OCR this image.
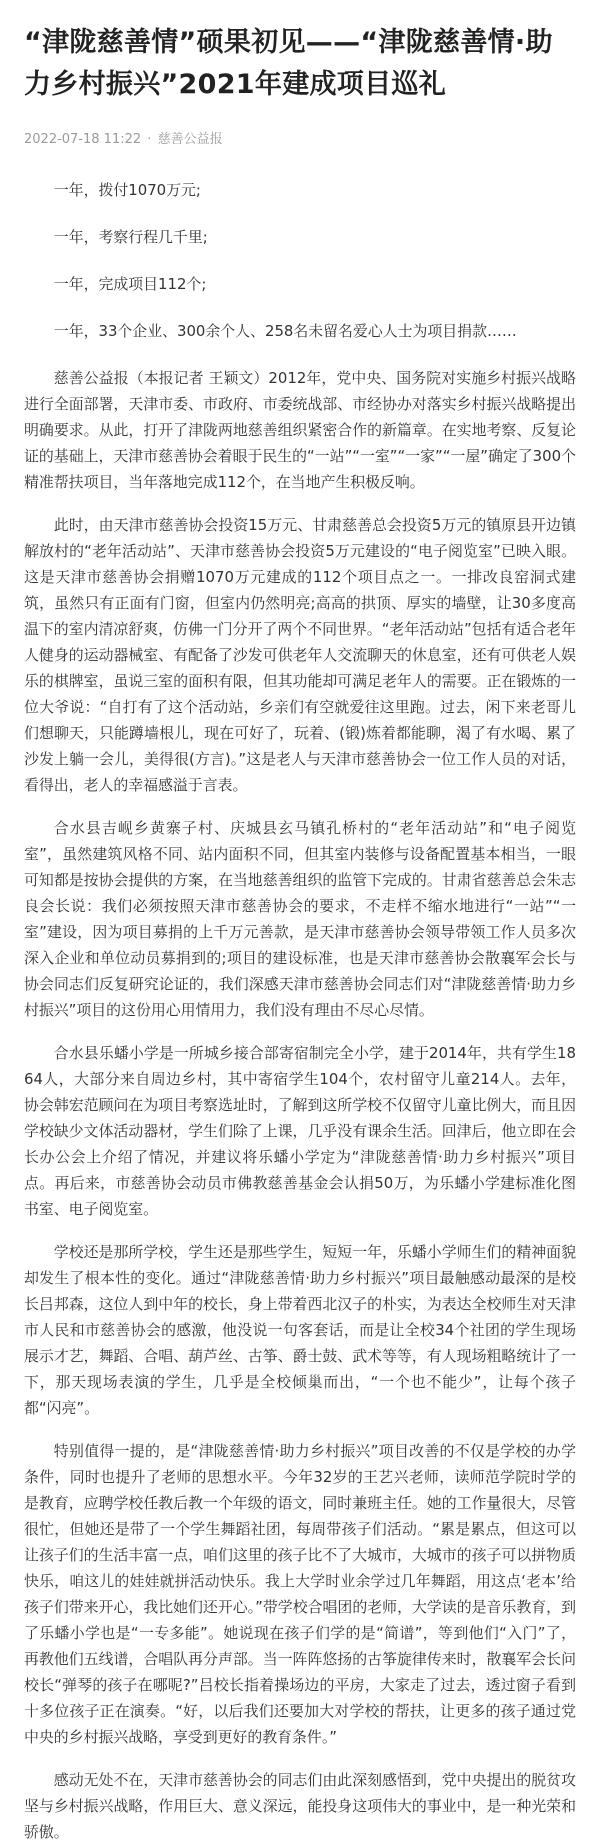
“津陇慈善情”硕果初见——“津陇慈善情·助力乡村振兴”2021年建成项目巡礼
2022-07-18 11:22 · 慈善公益报

一年，拨付1070万元;

一年，考察行程几千里;

一年，完成项目112个;

一年，33个企业、300余个人、258名未留名爱心人士为项目捐款……

慈善公益报（本报记者 王颖文）2012年，党中央、国务院对实施乡村振兴战略进行全面部署，天津市委、市政府、市委统战部、市经协办对落实乡村振兴战略提出明确要求。从此，打开了津陇两地慈善组织紧密合作的新篇章。在实地考察、反复论证的基础上，天津市慈善协会着眼于民生的“一站”“一室”“一家”“一屋”确定了300个精准帮扶项目，当年落地完成112个，在当地产生积极反响。

此时，由天津市慈善协会投资15万元、甘肃慈善总会投资5万元的镇原县开边镇解放村的“老年活动站”、天津市慈善协会投资5万元建设的“电子阅览室”已映入眼。这是天津市慈善协会捐赠1070万元建成的112个项目点之一。一排改良窑洞式建筑，虽然只有正面有门窗，但室内仍然明亮;高高的拱顶、厚实的墙壁，让30多度高温下的室内清凉舒爽，仿佛一门分开了两个不同世界。“老年活动站”包括有适合老年人健身的运动器械室、有配备了沙发可供老年人交流聊天的休息室，还有可供老人娱乐的棋牌室，虽说三室的面积有限，但其功能却可满足老年人的需要。正在锻炼的一位大爷说：“自打有了这个活动站，乡亲们有空就爱往这里跑。过去，闲下来老哥儿们想聊天，只能蹲墙根儿，现在可好了，玩着、(锻)炼着都能聊，渴了有水喝、累了沙发上躺一会儿，美得很(方言)。”这是老人与天津市慈善协会一位工作人员的对话，看得出，老人的幸福感溢于言表。

合水县吉岘乡黄寨子村、庆城县玄马镇孔桥村的“老年活动站”和“电子阅览室”，虽然建筑风格不同、站内面积不同，但其室内装修与设备配置基本相当，一眼可知都是按协会提供的方案，在当地慈善组织的监管下完成的。甘肃省慈善总会朱志良会长说：我们必须按照天津市慈善协会的要求，不走样不缩水地进行“一站”“一室”建设，因为项目募捐的上千万元善款，是天津市慈善协会领导带领工作人员多次深入企业和单位动员募捐到的;项目的建设标准，也是天津市慈善协会散襄军会长与协会同志们反复研究论证的，我们深感天津市慈善协会同志们对“津陇慈善情·助力乡村振兴”项目的这份用心用情用力，我们没有理由不尽心尽情。

合水县乐蟠小学是一所城乡接合部寄宿制完全小学，建于2014年，共有学生1864人，大部分来自周边乡村，其中寄宿学生104个，农村留守儿童214人。去年，协会韩宏范顾问在为项目考察选址时，了解到这所学校不仅留守儿童比例大，而且因学校缺少文体活动器材，学生们除了上课，几乎没有课余生活。回津后，他立即在会长办公会上介绍了情况，并建议将乐蟠小学定为“津陇慈善情·助力乡村振兴”项目点。再后来，市慈善协会动员市佛教慈善基金会认捐50万，为乐蟠小学建标准化图书室、电子阅览室。

学校还是那所学校，学生还是那些学生，短短一年，乐蟠小学师生们的精神面貌却发生了根本性的变化。通过“津陇慈善情·助力乡村振兴”项目最触感动最深的是校长吕邦森，这位人到中年的校长，身上带着西北汉子的朴实，为表达全校师生对天津市人民和市慈善协会的感激，他没说一句客套话，而是让全校34个社团的学生现场展示才艺，舞蹈、合唱、葫芦丝、古筝、爵士鼓、武术等等，有人现场粗略统计了一下，那天现场表演的学生，几乎是全校倾巢而出，“一个也不能少”，让每个孩子都“闪亮”。

特别值得一提的，是“津陇慈善情·助力乡村振兴”项目改善的不仅是学校的办学条件，同时也提升了老师的思想水平。今年32岁的王艺兴老师，读师范学院时学的是教育，应聘学校任教后教一个年级的语文，同时兼班主任。她的工作量很大，尽管很忙，但她还是带了一个学生舞蹈社团，每周带孩子们活动。“累是累点，但这可以让孩子们的生活丰富一点，咱们这里的孩子比不了大城市，大城市的孩子可以拼物质快乐，咱这儿的娃娃就拼活动快乐。我上大学时业余学过几年舞蹈，用这点‘老本’给孩子们带来开心，我比她们还开心。”带学校合唱团的老师，大学读的是音乐教育，到了乐蟠小学也是“一专多能”。她说现在孩子们学的是“简谱”，等到他们“入门”了，再教他们五线谱，合唱队再分声部。当一阵阵悠扬的古筝旋律传来时，散襄军会长问校长“弹琴的孩子在哪呢?”吕校长指着操场边的平房，大家走了过去，透过窗子看到十多位孩子正在演奏。“好，以后我们还要加大对学校的帮扶，让更多的孩子通过党中央的乡村振兴战略，享受到更好的教育条件。”

感动无处不在，天津市慈善协会的同志们由此深刻感悟到，党中央提出的脱贫攻坚与乡村振兴战略，作用巨大、意义深远，能投身这项伟大的事业中，是一种光荣和骄傲。
